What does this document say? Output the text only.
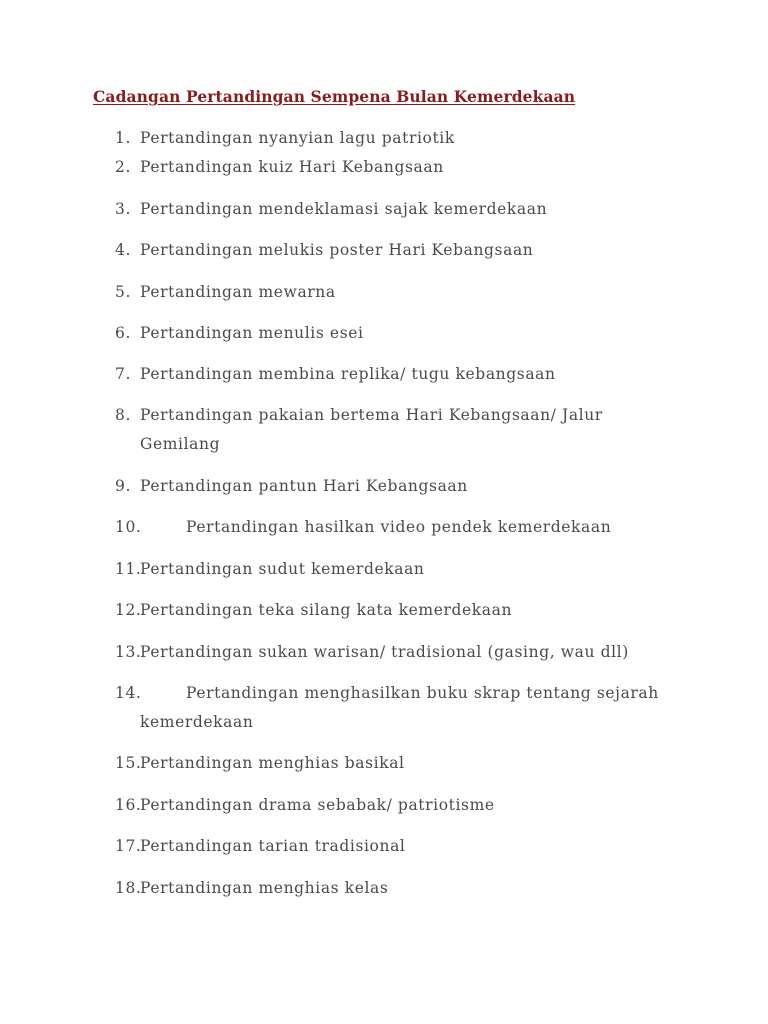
Cadangan Pertandingan Sempena Bulan Kemerdekaan
1. Pertandingan nyanyian lagu patriotik
2. Pertandingan kuiz Hari Kebangsaan
3. Pertandingan mendeklamasi sajak kemerdekaan
4. Pertandingan melukis poster Hari Kebangsaan
5. Pertandingan mewarna
6. Pertandingan menulis esei
7. Pertandingan membina replika/ tugu kebangsaan
8. Pertandingan pakaian bertema Hari Kebangsaan/ Jalur
Gemilang
9. Pertandingan pantun Hari Kebangsaan
10.	Pertandingan hasilkan video pendek kemerdekaan
11.
Pertandingan sudut kemerdekaan
12.
Pertandingan teka silang kata kemerdekaan
13.
Pertandingan sukan warisan/ tradisional (gasing, wau dll)
14.	Pertandingan menghasilkan buku skrap tentang sejarah
kemerdekaan
15.
Pertandingan menghias basikal
16.
Pertandingan drama sebabak/ patriotisme
17.
Pertandingan tarian tradisional
18.
Pertandingan menghias kelas
